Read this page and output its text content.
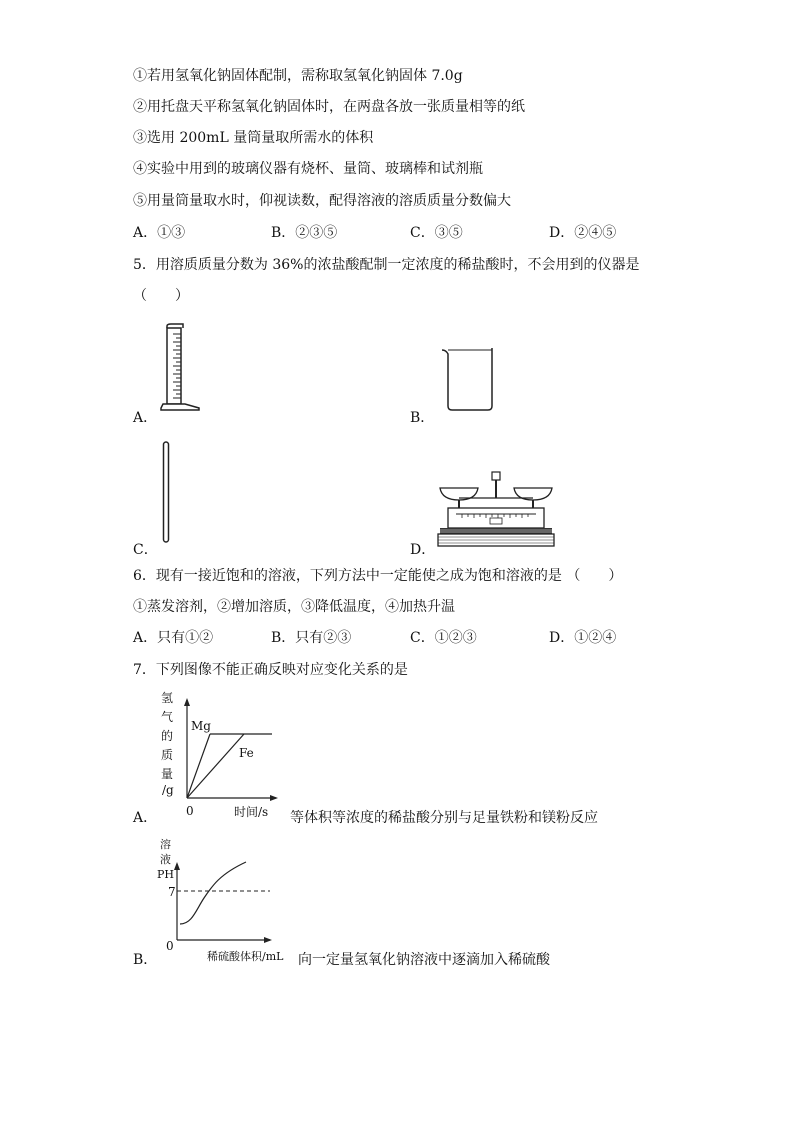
①若用氢氧化钠固体配制，需称取氢氧化钠固体 7.0g
②用托盘天平称氢氧化钠固体时，在两盘各放一张质量相等的纸
③选用 200mL 量筒量取所需水的体积
④实验中用到的玻璃仪器有烧杯、量筒、玻璃棒和试剂瓶
⑤用量筒量取水时，仰视读数，配得溶液的溶质质量分数偏大
A．①③	B．②③⑤	C．③⑤	D．②④⑤
5．用溶质质量分数为 36%的浓盐酸配制一定浓度的稀盐酸时，不会用到的仪器是
（　　）
A．	B．
C．	D．
6．现有一接近饱和的溶液，下列方法中一定能使之成为饱和溶液的是 （　　）
①蒸发溶剂，②增加溶质，③降低温度，④加热升温
A．只有①②	B．只有②③	C．①②③	D．①②④
7．下列图像不能正确反映对应变化关系的是
氢
气
的
质
量
/g
Mg
Fe
0	时间/s
A．	等体积等浓度的稀盐酸分别与足量铁粉和镁粉反应
溶
液
PH
7
0
稀硫酸体积/mL
B．	向一定量氢氧化钠溶液中逐滴加入稀硫酸
